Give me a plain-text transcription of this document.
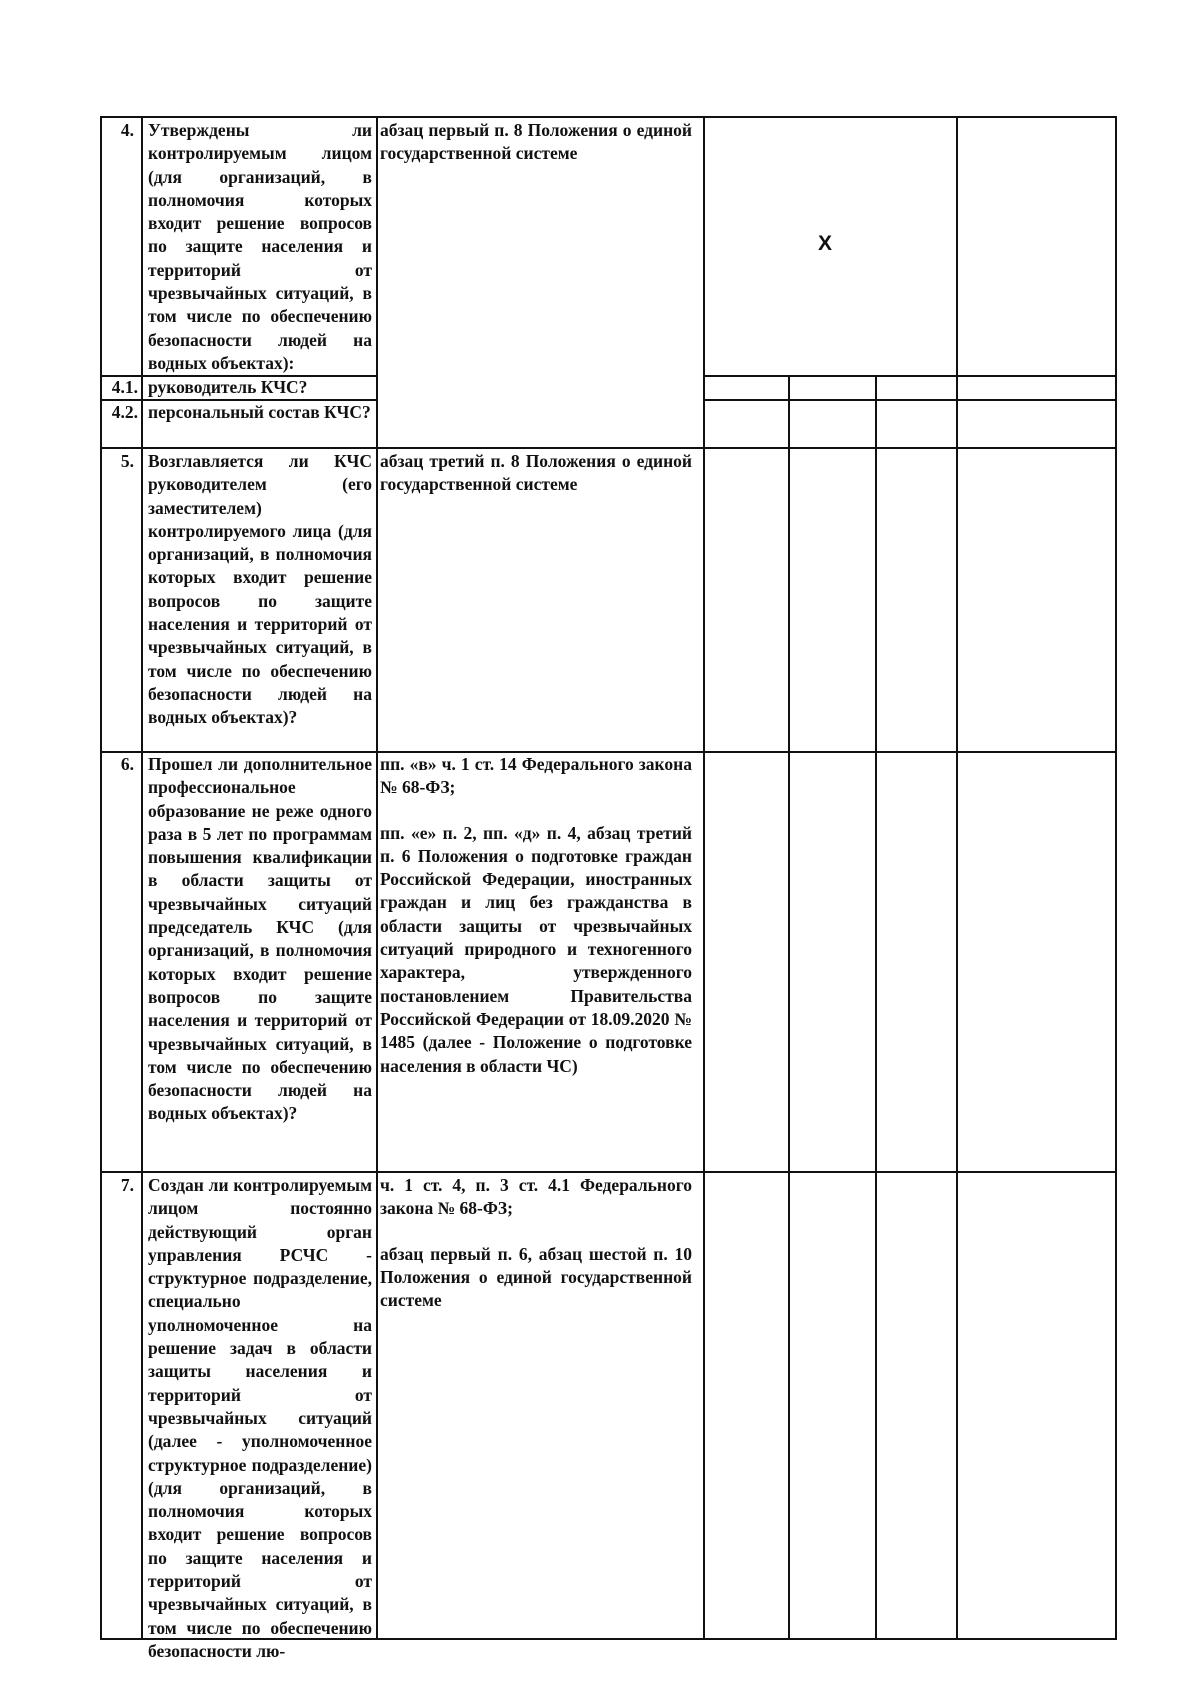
X
4. Утверждены ли контролируемым лицом (для организаций, в полномочия которых входит решение вопросов по защите населения и территорий от чрезвычайных ситуаций, в том числе по обеспечению безопасности людей на водных объектах):

абзац первый п. 8 Положения о единой государственной системе

4.1. руководитель КЧС?
4.2. персональный состав КЧС?
5. Возглавляется ли КЧС руководителем (его заместителем) контролируемого лица (для организаций, в полномочия которых входит решение вопросов по защите населения и территорий от чрезвычайных ситуаций, в том числе по обеспечению безопасности людей на водных объектах)?

абзац третий п. 8 Положения о единой государственной системе

6. Прошел ли дополнительное профессиональное образование не реже одного раза в 5 лет по программам повышения квалификации в области защиты от чрезвычайных ситуаций председатель КЧС (для организаций, в полномочия которых входит решение вопросов по защите населения и территорий от чрезвычайных ситуаций, в том числе по обеспечению безопасности людей на водных объектах)?

пп. «в» ч. 1 ст. 14 Федерального закона № 68-ФЗ;

пп. «е» п. 2, пп. «д» п. 4, абзац третий п. 6 Положения о подготовке граждан Российской Федерации, иностранных граждан и лиц без гражданства в области защиты от чрезвычайных ситуаций природного и техногенного характера, утвержденного постановлением Правительства Российской Федерации от 18.09.2020 № 1485 (далее - Положение о подготовке населения в области ЧС)

7. Создан ли контролируемым лицом постоянно действующий орган управления РСЧС - структурное подразделение, специально уполномоченное на решение задач в области защиты населения и территорий от чрезвычайных ситуаций (далее - уполномоченное структурное подразделение) (для организаций, в полномочия которых входит решение вопросов по защите населения и территорий от чрезвычайных ситуаций, в том числе по обеспечению безопасности лю-

ч. 1 ст. 4, п. 3 ст. 4.1 Федерального закона № 68-ФЗ;

абзац первый п. 6, абзац шестой п. 10 Положения о единой государственной системе
